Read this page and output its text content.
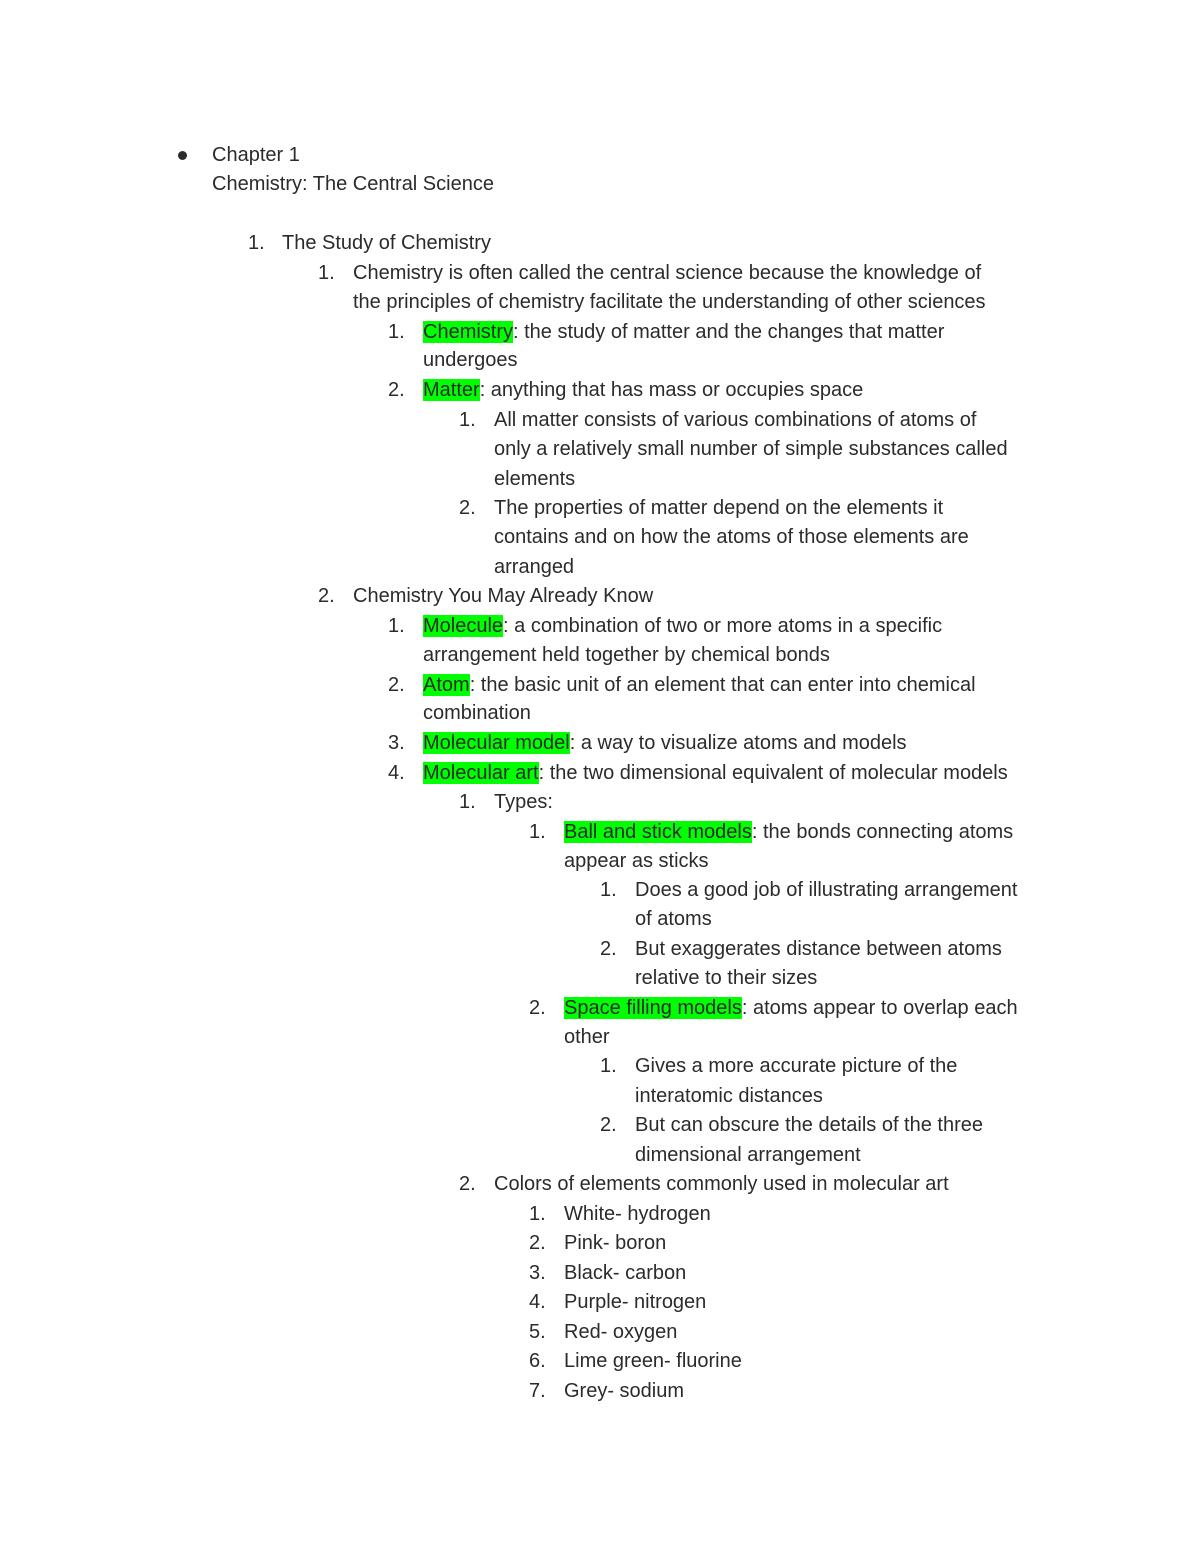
Chapter 1
Chemistry: The Central Science
1. The Study of Chemistry
1. Chemistry is often called the central science because the knowledge of
the principles of chemistry facilitate the understanding of other sciences
1. Chemistry: the study of matter and the changes that matter
undergoes
2. Matter: anything that has mass or occupies space
1. All matter consists of various combinations of atoms of
only a relatively small number of simple substances called
elements
2. The properties of matter depend on the elements it
contains and on how the atoms of those elements are
arranged
2. Chemistry You May Already Know
1. Molecule: a combination of two or more atoms in a specific
arrangement held together by chemical bonds
2. Atom: the basic unit of an element that can enter into chemical
combination
3. Molecular model: a way to visualize atoms and models
4. Molecular art: the two dimensional equivalent of molecular models
1. Types:
1. Ball and stick models: the bonds connecting atoms
appear as sticks
1. Does a good job of illustrating arrangement
of atoms
2. But exaggerates distance between atoms
relative to their sizes
2. Space filling models: atoms appear to overlap each
other
1. Gives a more accurate picture of the
interatomic distances
2. But can obscure the details of the three
dimensional arrangement
2. Colors of elements commonly used in molecular art
1. White- hydrogen
2. Pink- boron
3. Black- carbon
4. Purple- nitrogen
5. Red- oxygen
6. Lime green- fluorine
7. Grey- sodium
